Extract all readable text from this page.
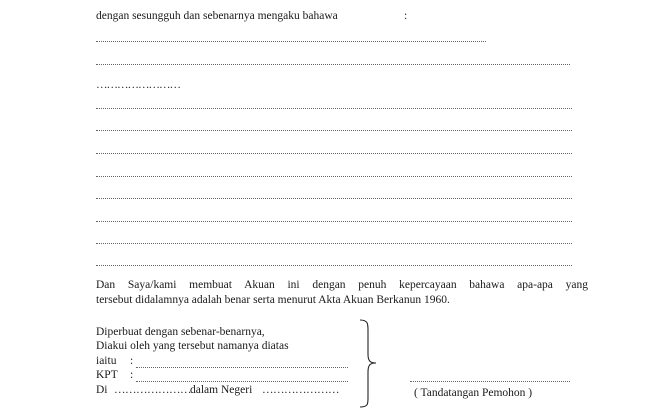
dengan sesungguh dan sebenarnya mengaku bahawa	:
……………………
Dan Saya/kami membuat Akuan ini dengan penuh kepercayaan bahawa apa-apa yang
tersebut didalamnya adalah benar serta menurut Akta Akuan Berkanun 1960.
Diperbuat dengan sebenar-benarnya,
Diakui oleh yang tersebut namanya diatas
iaitu :
KPT :
Di ………………… dalam Negeri …………………	( Tandatangan Pemohon )
